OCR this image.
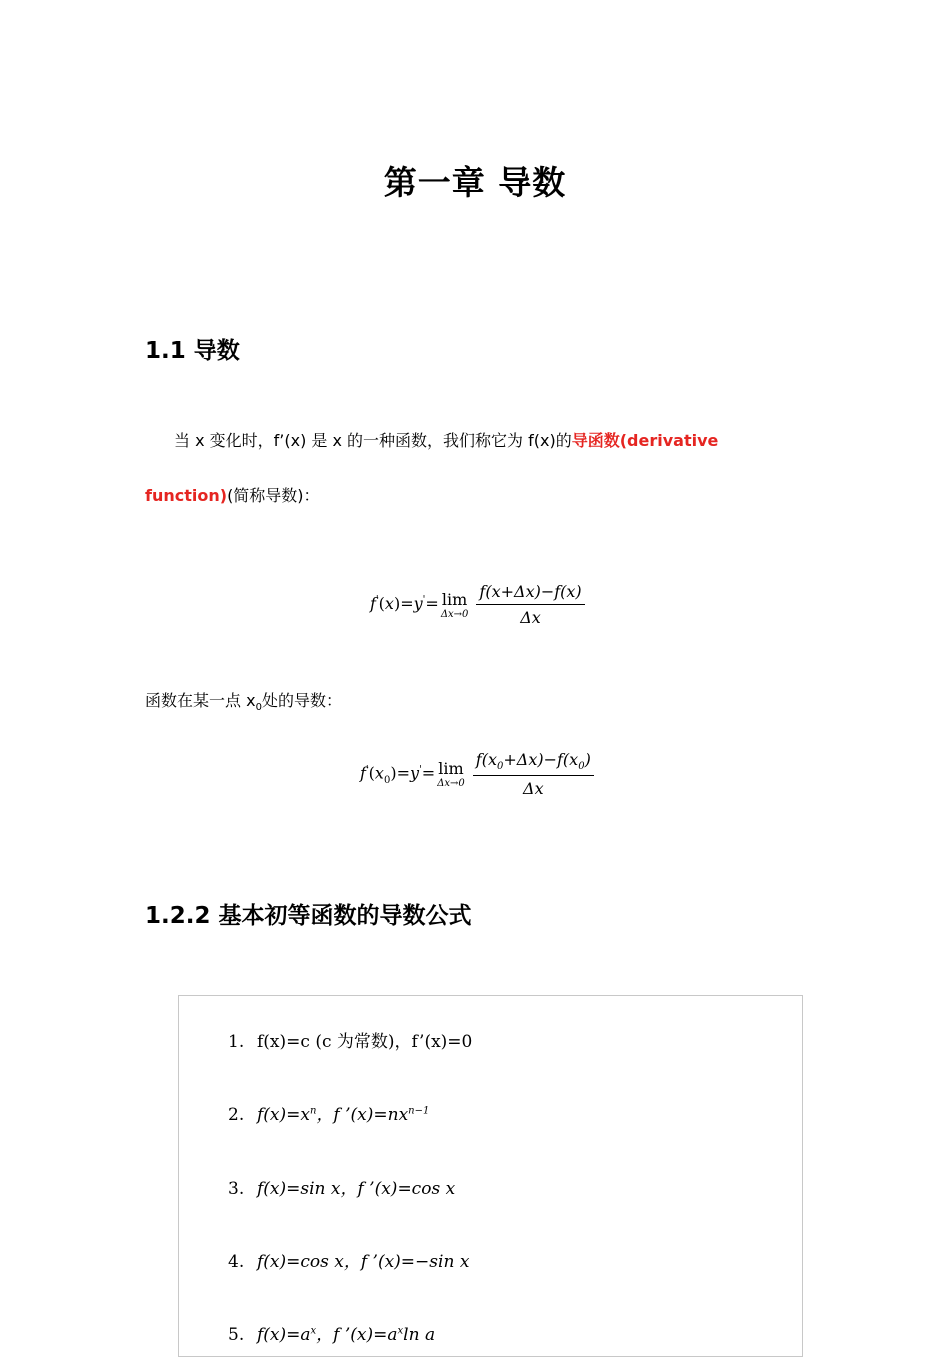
第一章 导数
1.1 导数
当 x 变化时，f’(x) 是 x 的一种函数，我们称它为 f(x)的导函数(derivative
function)(简称导数)：
f'(x)=y'= lim
$\Delta x\to 0 \frac{f(x+\Delta x)-f(x)}{\Delta x}$
函数在某一点 $x_0$处的导数：
$f'(x_0)=y'= \lim$
$\Delta x\to 0 \frac{f(x_0+\Delta x)-f(x_0)}{\Delta x}$
1.2.2 基本初等函数的导数公式
1. f(x)=c (c 为常数)，f’(x)=0
2. $f(x)=x^n$，f $’(x)=nx^{n-1}$
3. f(x)=sin x，f ’(x)=cos x
4. f(x)=cos x，f ’(x)=−sin x
5. $f(x)=a^x$，f $’(x)=a^x\ln$ a
